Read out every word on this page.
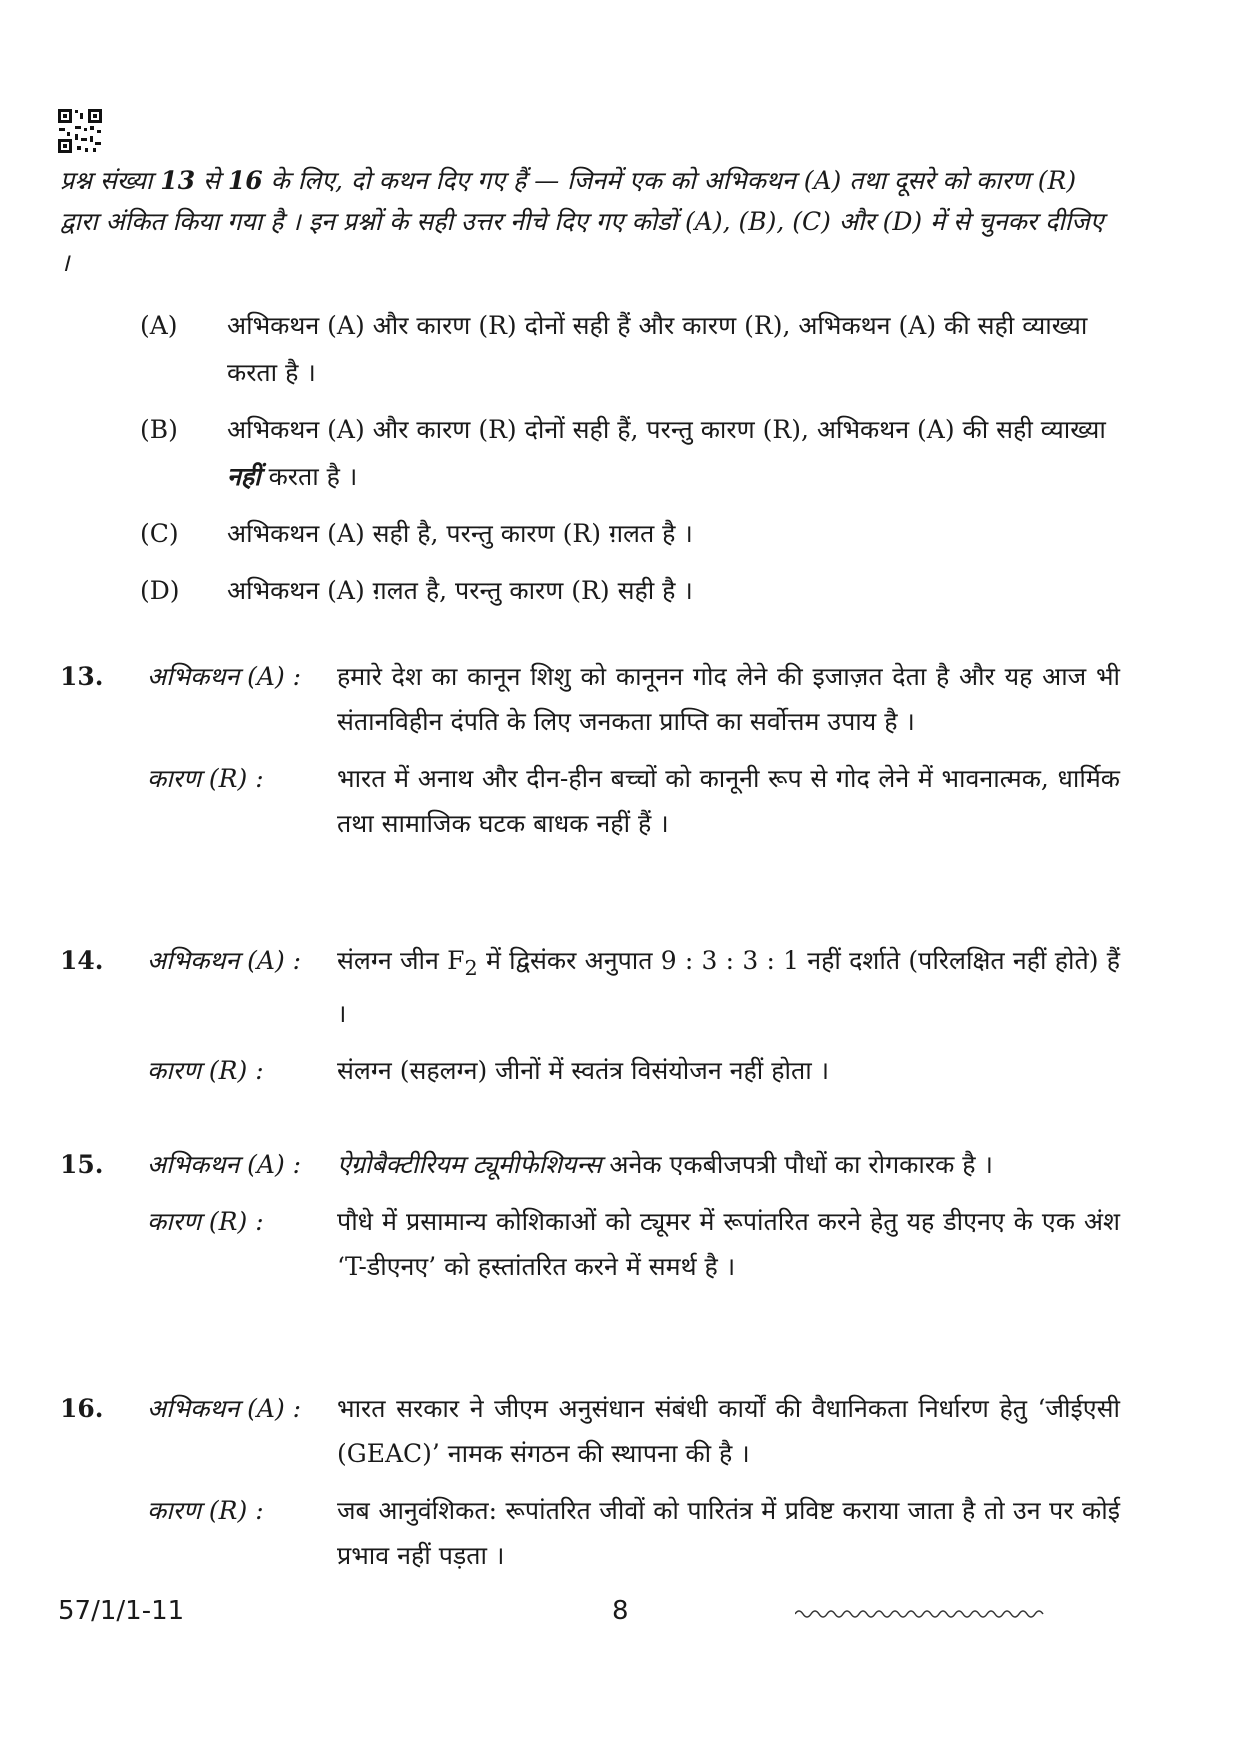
प्रश्न संख्या 13 से 16 के लिए, दो कथन दिए गए हैं — जिनमें एक को अभिकथन (A) तथा दूसरे को कारण (R) द्वारा अंकित किया गया है । इन प्रश्नों के सही उत्तर नीचे दिए गए कोडों (A), (B), (C) और (D) में से चुनकर दीजिए ।
(A)	अभिकथन (A) और कारण (R) दोनों सही हैं और कारण (R), अभिकथन (A) की सही व्याख्या करता है ।
(B)	अभिकथन (A) और कारण (R) दोनों सही हैं, परन्तु कारण (R), अभिकथन (A) की सही व्याख्या नहीं करता है ।
(C)	अभिकथन (A) सही है, परन्तु कारण (R) ग़लत है ।
(D)	अभिकथन (A) ग़लत है, परन्तु कारण (R) सही है ।
13.	अभिकथन (A) :	हमारे देश का कानून शिशु को कानूनन गोद लेने की इजाज़त देता है और यह आज भी संतानविहीन दंपति के लिए जनकता प्राप्ति का सर्वोत्तम उपाय है ।
कारण (R) :	भारत में अनाथ और दीन-हीन बच्चों को कानूनी रूप से गोद लेने में भावनात्मक, धार्मिक तथा सामाजिक घटक बाधक नहीं हैं ।
14.	अभिकथन (A) :	संलग्न जीन $F_2$ में द्विसंकर अनुपात 9 : 3 : 3 : 1 नहीं दर्शाते (परिलक्षित नहीं होते) हैं ।
कारण (R) :	संलग्न (सहलग्न) जीनों में स्वतंत्र विसंयोजन नहीं होता ।
15.	अभिकथन (A) :	ऐग्रोबैक्टीरियम ट्यूमीफेशियन्स अनेक एकबीजपत्री पौधों का रोगकारक है ।
कारण (R) :	पौधे में प्रसामान्य कोशिकाओं को ट्यूमर में रूपांतरित करने हेतु यह डीएनए के एक अंश ‘T-डीएनए’ को हस्तांतरित करने में समर्थ है ।
16.	अभिकथन (A) :	भारत सरकार ने जीएम अनुसंधान संबंधी कार्यों की वैधानिकता निर्धारण हेतु ‘जीईएसी (GEAC)’ नामक संगठन की स्थापना की है ।
कारण (R) :	जब आनुवंशिकत: रूपांतरित जीवों को पारितंत्र में प्रविष्ट कराया जाता है तो उन पर कोई प्रभाव नहीं पड़ता ।
57/1/1-11	8
